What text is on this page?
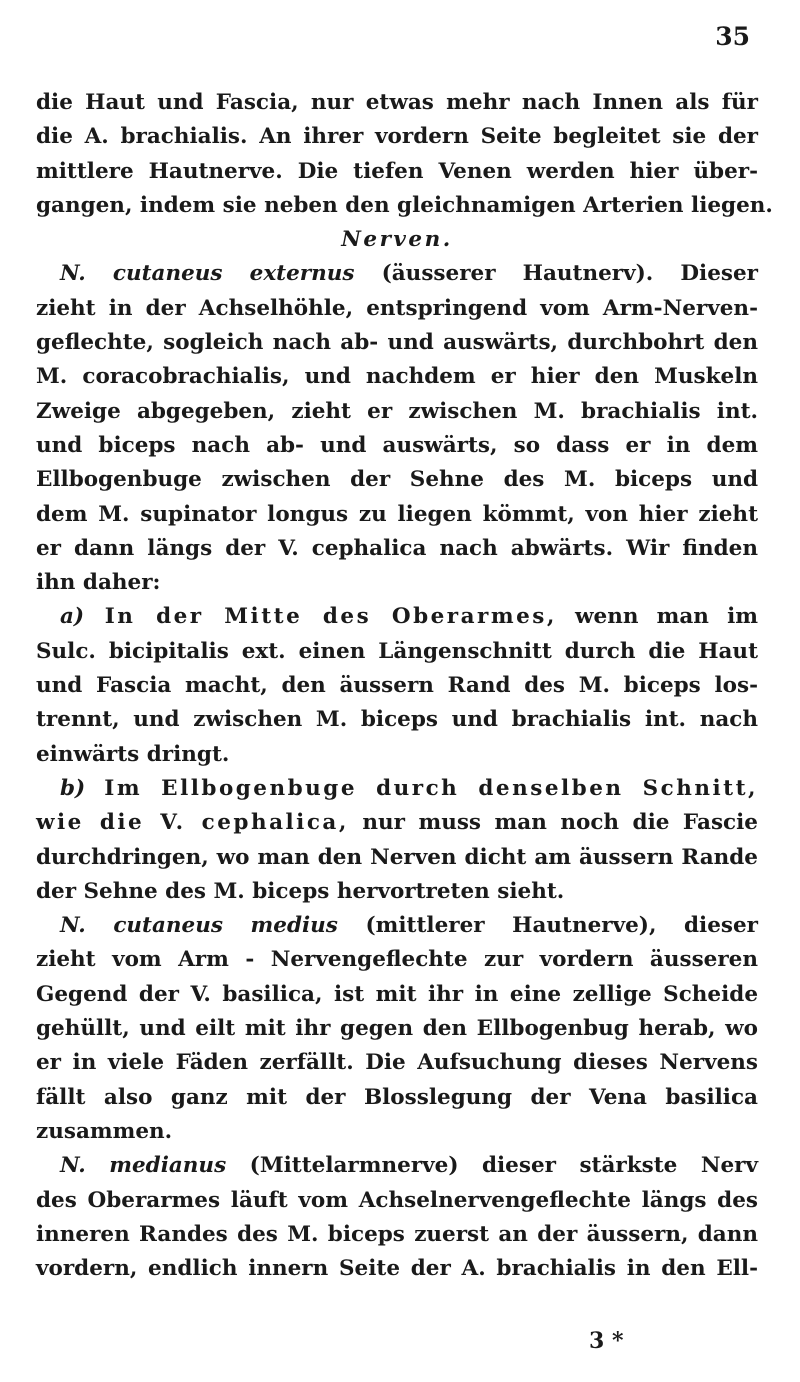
35
die Haut und Fascia, nur etwas mehr nach Innen als für
die A. brachialis. An ihrer vordern Seite begleitet sie der
mittlere Hautnerve. Die tiefen Venen werden hier über-
gangen, indem sie neben den gleichnamigen Arterien liegen.
Nerven.
N. cutaneus externus (äusserer Hautnerv). Dieser
zieht in der Achselhöhle, entspringend vom Arm-Nerven-
geflechte, sogleich nach ab- und auswärts, durchbohrt den
M. coracobrachialis, und nachdem er hier den Muskeln
Zweige abgegeben, zieht er zwischen M. brachialis int.
und biceps nach ab- und auswärts, so dass er in dem
Ellbogenbuge zwischen der Sehne des M. biceps und
dem M. supinator longus zu liegen kömmt, von hier zieht
er dann längs der V. cephalica nach abwärts. Wir finden
ihn daher:
a) In der Mitte des Oberarmes, wenn man im
Sulc. bicipitalis ext. einen Längenschnitt durch die Haut
und Fascia macht, den äussern Rand des M. biceps los-
trennt, und zwischen M. biceps und brachialis int. nach
einwärts dringt.
b) Im Ellbogenbuge durch denselben Schnitt,
wie die V. cephalica, nur muss man noch die Fascie
durchdringen, wo man den Nerven dicht am äussern Rande
der Sehne des M. biceps hervortreten sieht.
N. cutaneus medius (mittlerer Hautnerve), dieser
zieht vom Arm - Nervengeflechte zur vordern äusseren
Gegend der V. basilica, ist mit ihr in eine zellige Scheide
gehüllt, und eilt mit ihr gegen den Ellbogenbug herab, wo
er in viele Fäden zerfällt. Die Aufsuchung dieses Nervens
fällt also ganz mit der Blosslegung der Vena basilica
zusammen.
N. medianus (Mittelarmnerve) dieser stärkste Nerv
des Oberarmes läuft vom Achselnervengeflechte längs des
inneren Randes des M. biceps zuerst an der äussern, dann
vordern, endlich innern Seite der A. brachialis in den Ell-
3 *
